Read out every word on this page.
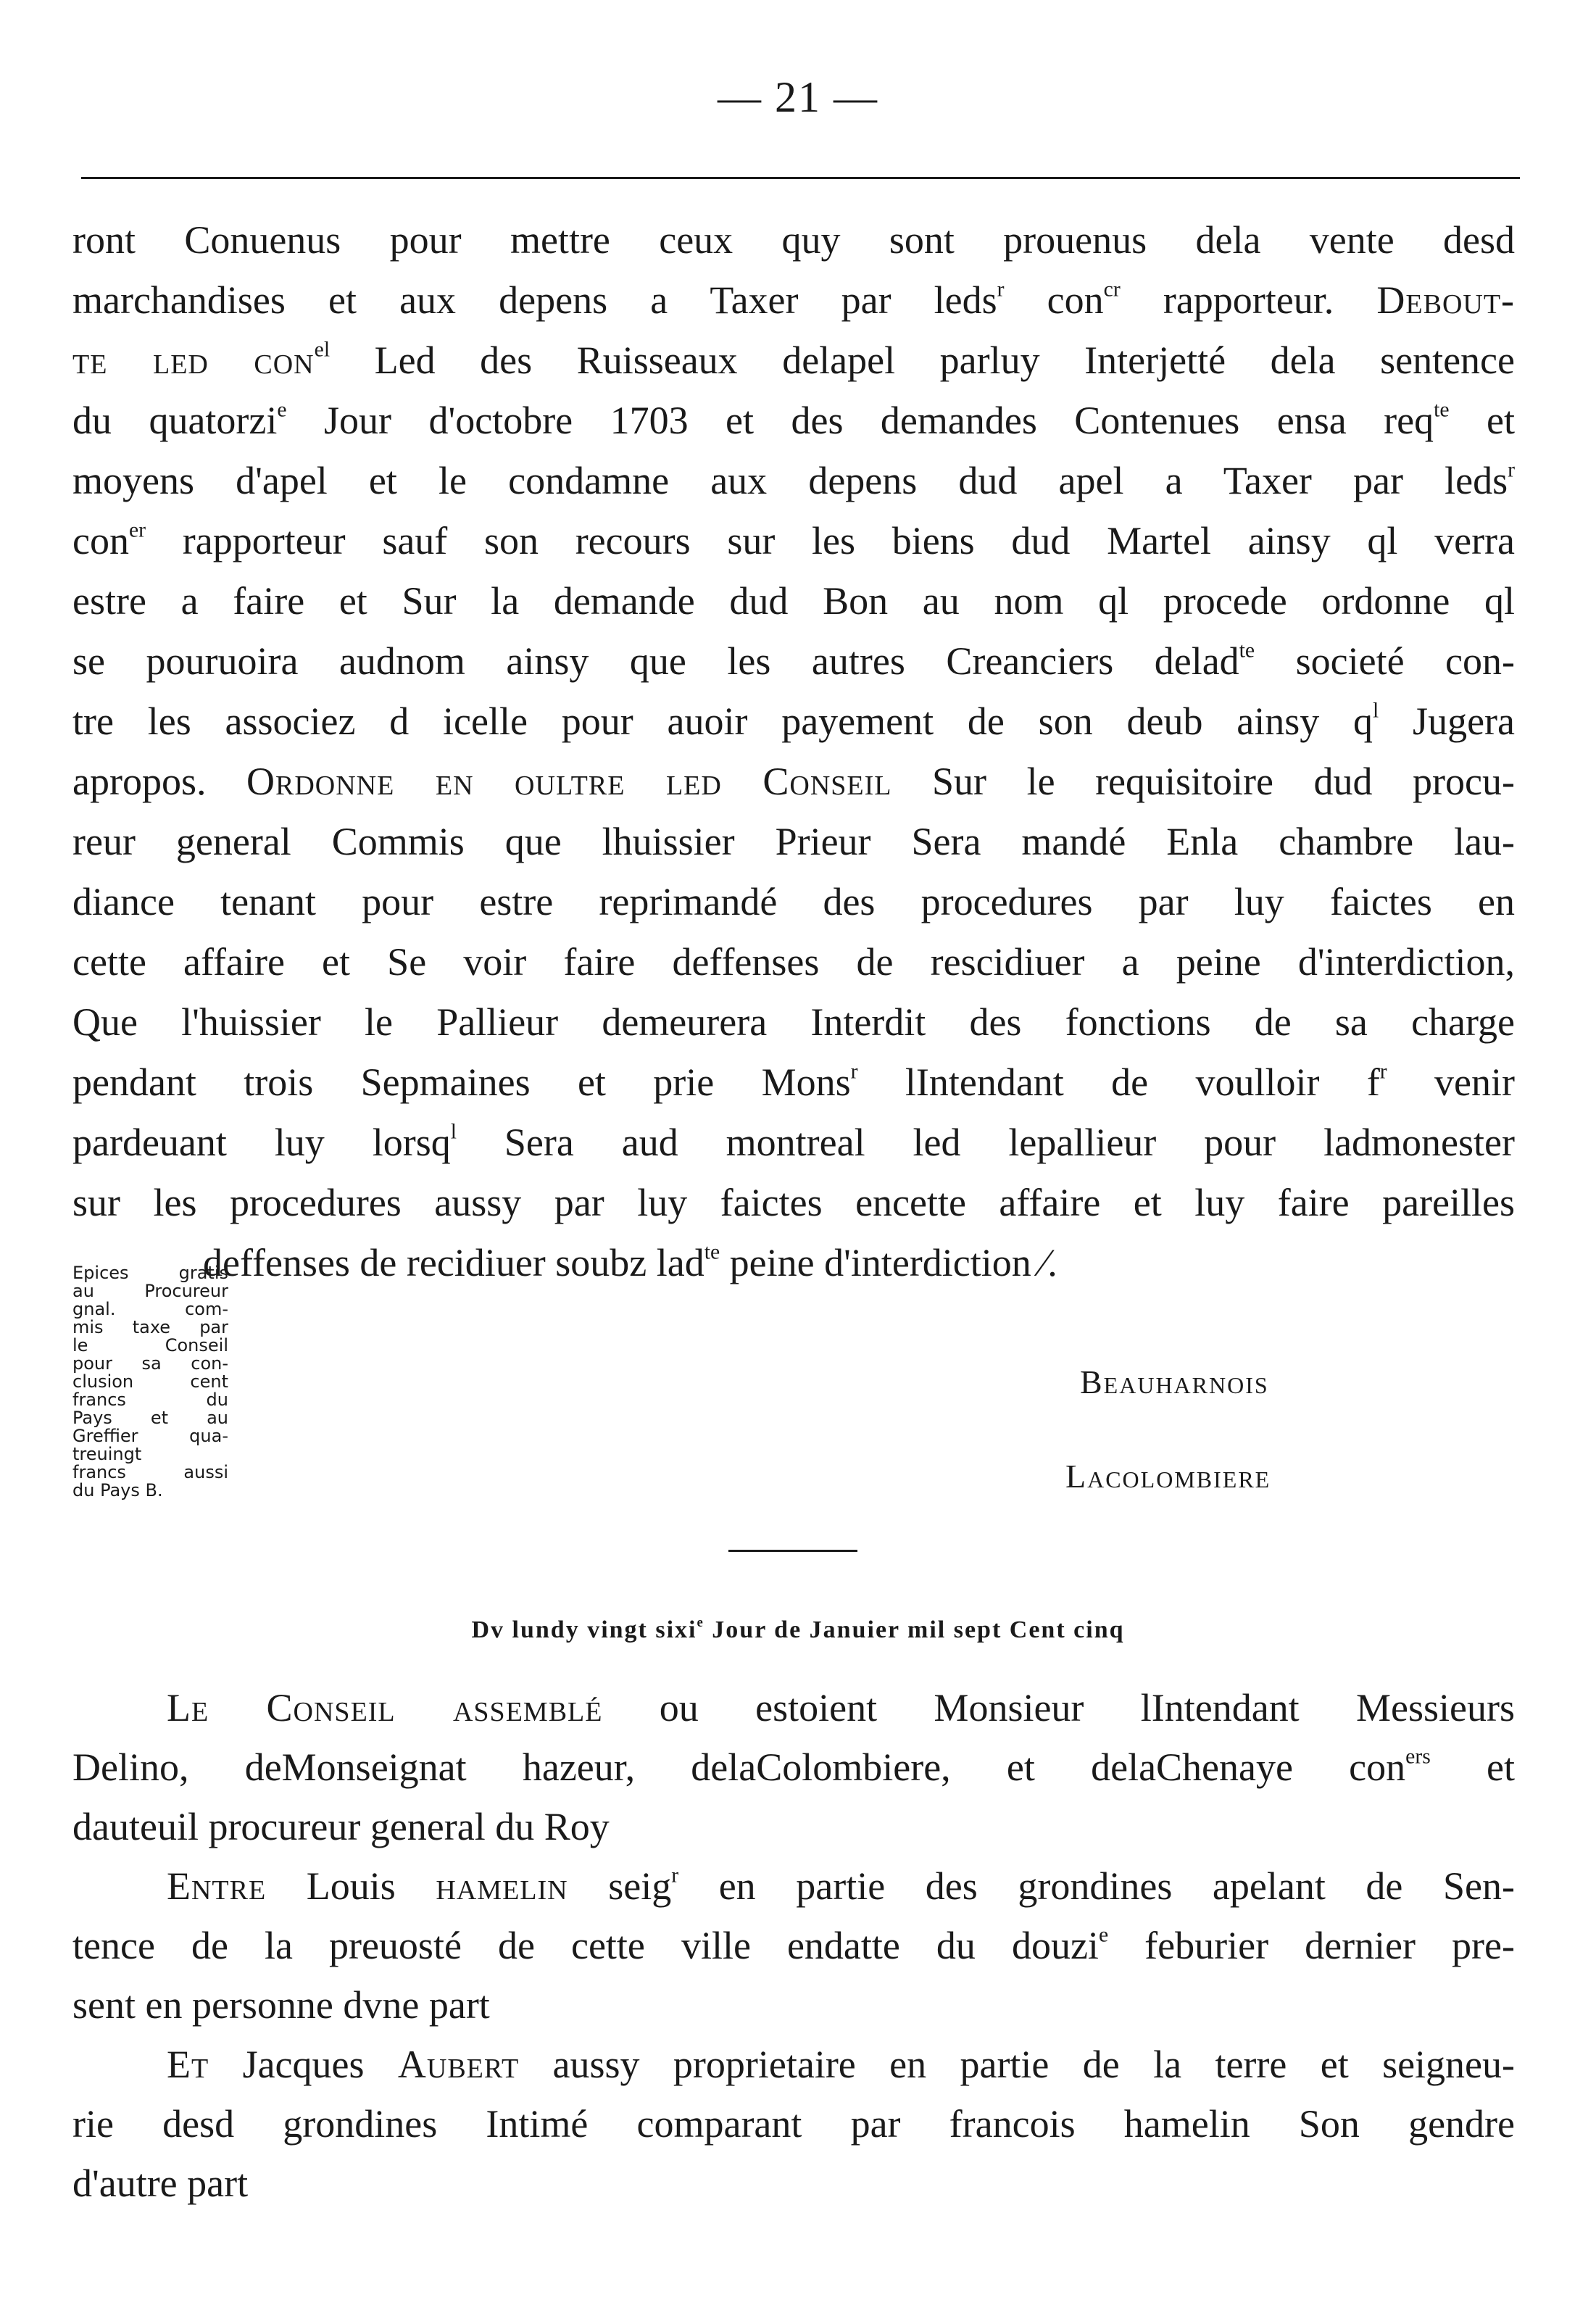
— 21 —
ront Conuenus pour mettre ceux quy sont prouenus dela vente desd
marchandises et aux depens a Taxer par leds$^r$ con$^{cr}$ rapporteur. Debout-
te led con$^{el}$ Led des Ruisseaux delapel parluy Interjetté dela sentence
du quatorzi$^e$ Jour d'octobre 1703 et des demandes Contenues ensa req$^{te}$ et
moyens d'apel et le condamne aux depens dud apel a Taxer par leds$^r$
con$^{er}$ rapporteur sauf son recours sur les biens dud Martel ainsy ql verra
estre a faire et Sur la demande dud Bon au nom ql procede ordonne ql
se pouruoira audnom ainsy que les autres Creanciers delad$^{te}$ societé con-
tre les associez d icelle pour auoir payement de son deub ainsy $q^l$ Jugera
apropos. Ordonne en oultre led Conseil Sur le requisitoire dud procu-
reur general Commis que lhuissier Prieur Sera mandé Enla chambre lau-
diance tenant pour estre reprimandé des procedures par luy faictes en
cette affaire et Se voir faire deffenses de rescidiuer a peine d'interdiction,
Que l'huissier le Pallieur demeurera Interdit des fonctions de sa charge
pendant trois Sepmaines et prie Mons$^r$ lIntendant de voulloir $f^r$ venir
pardeuant luy lorsq$^l$ Sera aud montreal led lepallieur pour ladmonester
sur les procedures aussy par luy faictes encette affaire et luy faire pareilles
deffenses de recidiuer soubz lad$^{te}$ peine d'interdiction ⁄.
Epices gratis
au Procureur
gnal. com-
mis taxe par
le Conseil
pour sa con-
clusion cent
francs du
Pays et au
Greffier qua-
treuingt
francs aussi
du Pays B.
Beauharnois
Lacolombiere
Dv lundy vingt sixi$^e$ Jour de Januier mil sept Cent cinq
Le Conseil assemblé ou estoient Monsieur lIntendant Messieurs
Delino, deMonseignat hazeur, delaColombiere, et delaChenaye con$^{ers}$ et
dauteuil procureur general du Roy
Entre Louis hamelin seig$^r$ en partie des grondines apelant de Sen-
tence de la preuosté de cette ville endatte du douzi$^e$ feburier dernier pre-
sent en personne dvne part
Et Jacques Aubert aussy proprietaire en partie de la terre et seigneu-
rie desd grondines Intimé comparant par francois hamelin Son gendre
d'autre part
